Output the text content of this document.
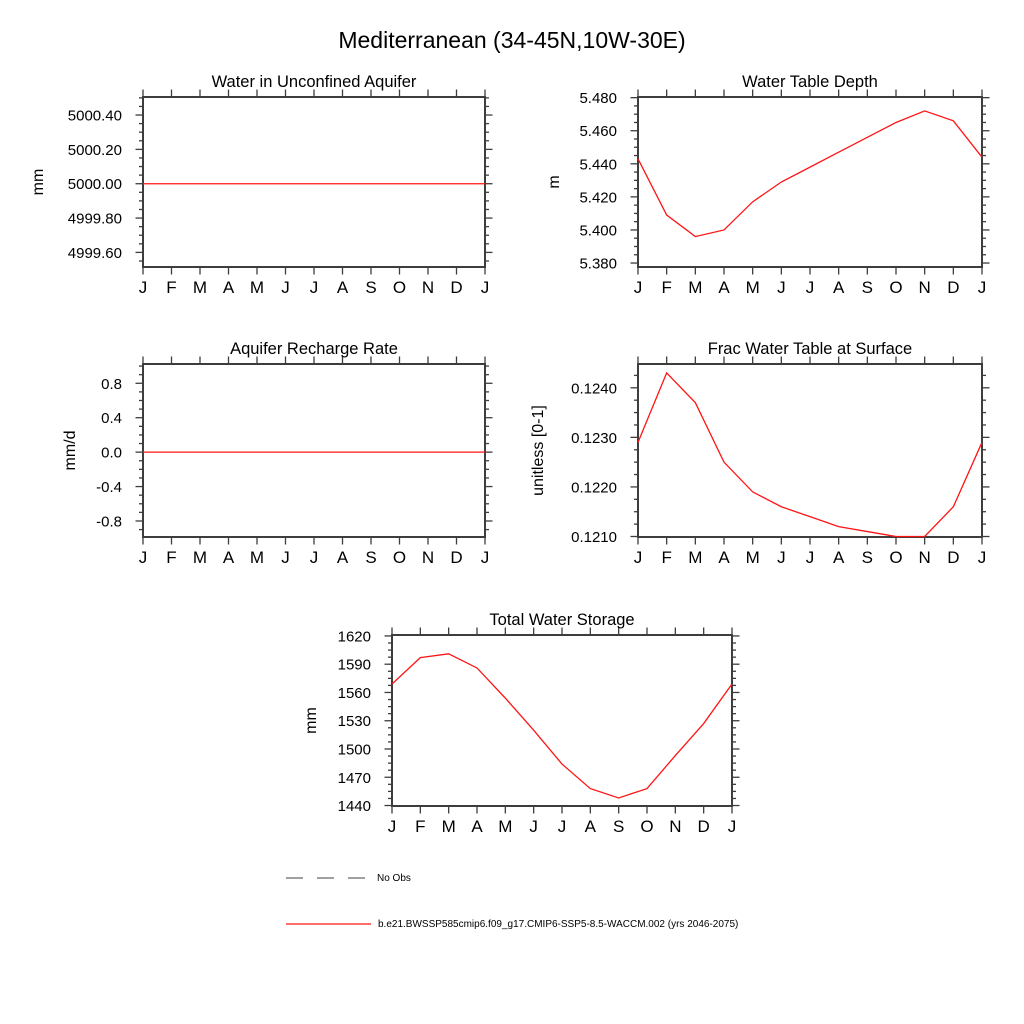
Mediterranean (34-45N,10W-30E)
J F M A M J J A S O N D J
5000.40
5000.20
5000.00
4999.80
4999.60
Water in Unconfined Aquifer
mm
J F M A M J J A S O N D J
5.480
5.460
5.440
5.420
5.400
5.380
Water Table Depth
m
J F M A M J J A S O N D J
0.8
0.4
0.0
-0.4
-0.8
Aquifer Recharge Rate
mm/d
J F M A M J J A S O N D J
0.1240
0.1230
0.1220
0.1210
Frac Water Table at Surface
unitless [0-1]
J F M A M J J A S O N D J
1620
1590
1560
1530
1500
1470
1440
Total Water Storage
mm
No Obs
b.e21.BWSSP585cmip6.f09_g17.CMIP6-SSP5-8.5-WACCM.002 (yrs 2046-2075)
